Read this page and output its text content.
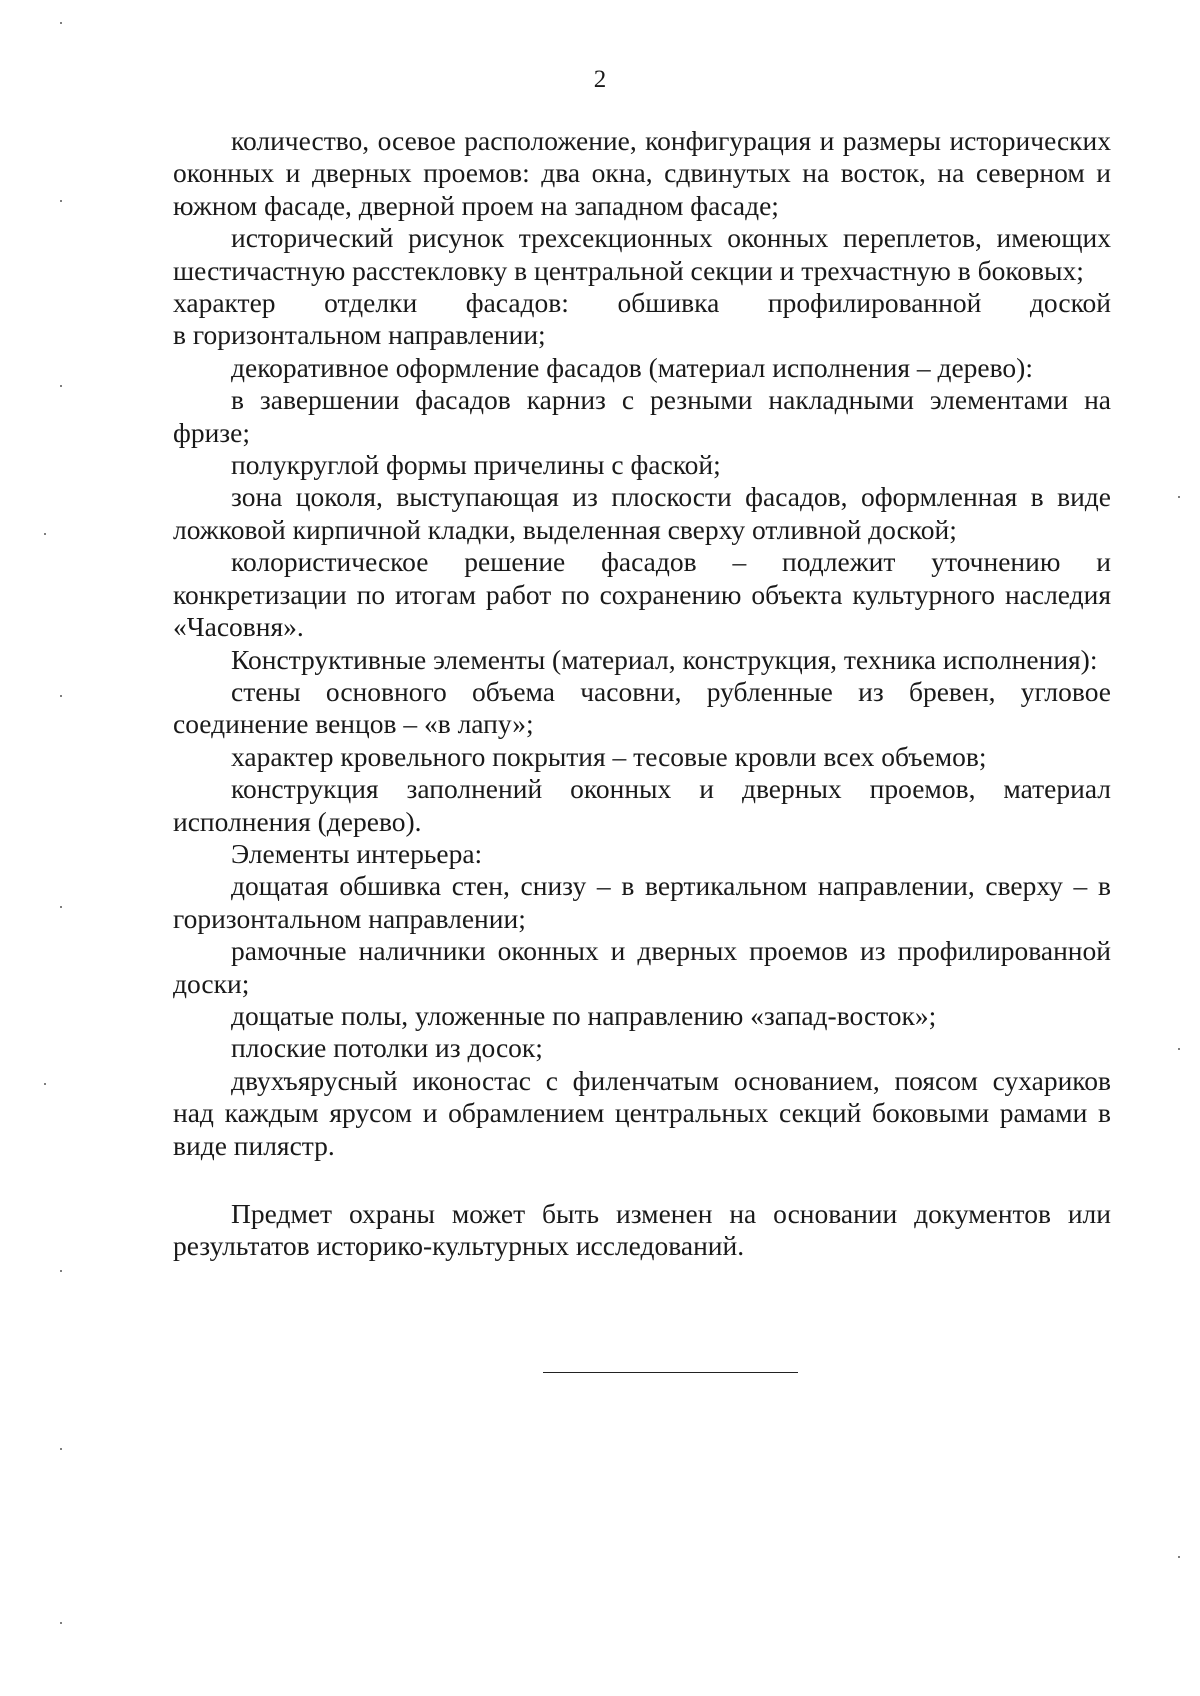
2

количество, осевое расположение, конфигурация и размеры исторических оконных и дверных проемов: два окна, сдвинутых на восток, на северном и южном фасаде, дверной проем на западном фасаде;

исторический рисунок трехсекционных оконных переплетов, имеющих шестичастную расстекловку в центральной секции и трехчастную в боковых;

характер отделки фасадов: обшивка профилированной доской

в горизонтальном направлении;

декоративное оформление фасадов (материал исполнения – дерево):

в завершении фасадов карниз с резными накладными элементами на фризе;

полукруглой формы причелины с фаской;

зона цоколя, выступающая из плоскости фасадов, оформленная в виде ложковой кирпичной кладки, выделенная сверху отливной доской;

колористическое решение фасадов – подлежит уточнению и конкретизации по итогам работ по сохранению объекта культурного наследия «Часовня».

Конструктивные элементы (материал, конструкция, техника исполнения):

стены основного объема часовни, рубленные из бревен, угловое соединение венцов – «в лапу»;

характер кровельного покрытия – тесовые кровли всех объемов;

конструкция заполнений оконных и дверных проемов, материал исполнения (дерево).

Элементы интерьера:

дощатая обшивка стен, снизу – в вертикальном направлении, сверху – в горизонтальном направлении;

рамочные наличники оконных и дверных проемов из профилированной доски;

дощатые полы, уложенные по направлению «запад-восток»;

плоские потолки из досок;

двухъярусный иконостас с филенчатым основанием, поясом сухариков над каждым ярусом и обрамлением центральных секций боковыми рамами в виде пилястр.

Предмет охраны может быть изменен на основании документов или результатов историко-культурных исследований.
